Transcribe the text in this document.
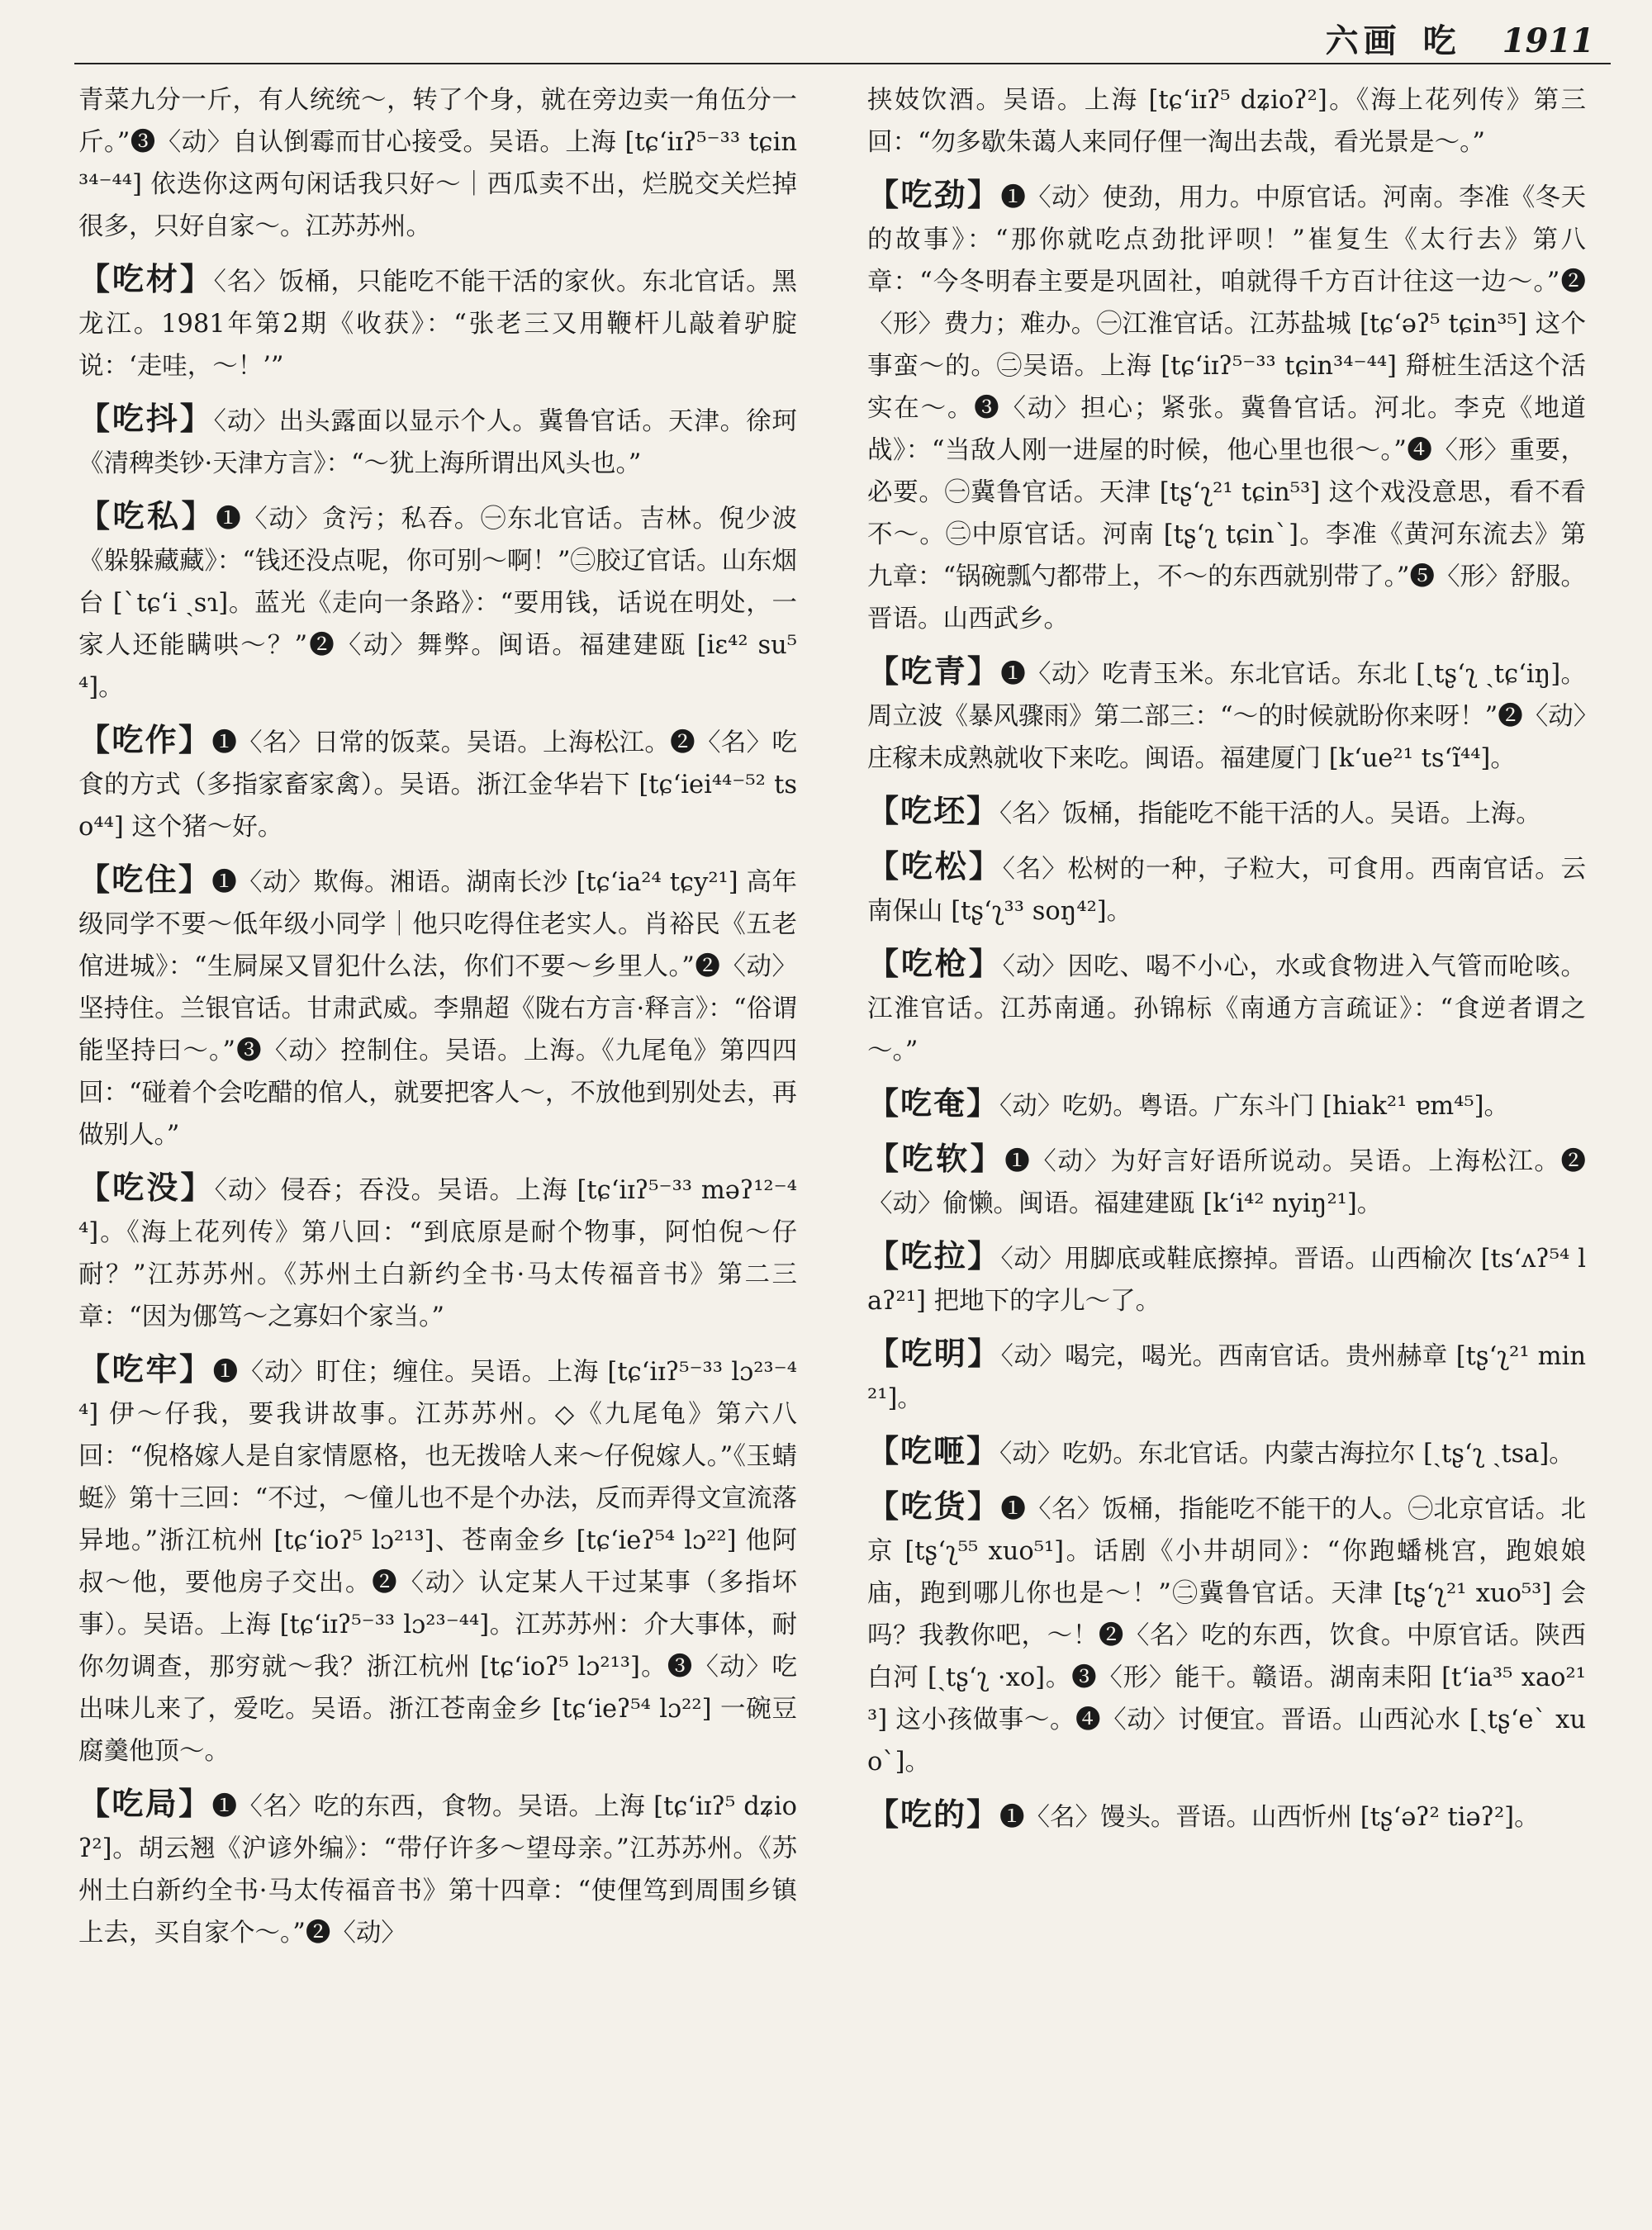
六画 吃 1911

青菜九分一斤，有人统统～，转了个身，就在旁边卖一角伍分一斤。”❸〈动〉自认倒霉而甘心接受。吴语。上海 [tɕʻiɪʔ⁵⁻³³ tɕin³⁴⁻⁴⁴] 依迭你这两句闲话我只好～｜西瓜卖不出，烂脱交关烂掉很多，只好自家～。江苏苏州。

【吃材】〈名〉饭桶，只能吃不能干活的家伙。东北官话。黑龙江。1981年第2期《收获》：“张老三又用鞭杆儿敲着驴腚说：‘走哇，～！’”

【吃抖】〈动〉出头露面以显示个人。冀鲁官话。天津。徐珂《清稗类钞·天津方言》：“～犹上海所谓出风头也。”

【吃私】❶〈动〉贪污；私吞。㊀东北官话。吉林。倪少波《躲躲藏藏》：“钱还没点呢，你可别～啊！”㊁胶辽官话。山东烟台 [ˋtɕʻi ˏsɿ]。蓝光《走向一条路》：“要用钱，话说在明处，一家人还能瞒哄～？”❷〈动〉舞弊。闽语。福建建瓯 [iɛ⁴² su⁵⁴]。

【吃作】❶〈名〉日常的饭菜。吴语。上海松江。❷〈名〉吃食的方式（多指家畜家禽）。吴语。浙江金华岩下 [tɕʻiei⁴⁴⁻⁵² tso⁴⁴] 这个猪～好。

【吃住】❶〈动〉欺侮。湘语。湖南长沙 [tɕʻia²⁴ tɕy²¹] 高年级同学不要～低年级小同学｜他只吃得住老实人。肖裕民《五老倌进城》：“生屙屎又冒犯什么法，你们不要～乡里人。”❷〈动〉坚持住。兰银官话。甘肃武威。李鼎超《陇右方言·释言》：“俗谓能坚持曰～。”❸〈动〉控制住。吴语。上海。《九尾龟》第四四回：“碰着个会吃醋的倌人，就要把客人～，不放他到别处去，再做别人。”

【吃没】〈动〉侵吞；吞没。吴语。上海 [tɕʻiɪʔ⁵⁻³³ məʔ¹²⁻⁴⁴]。《海上花列传》第八回：“到底原是耐个物事，阿怕倪～仔耐？”江苏苏州。《苏州土白新约全书·马太传福音书》第二三章：“因为㑚笃～之寡妇个家当。”

【吃牢】❶〈动〉盯住；缠住。吴语。上海 [tɕʻiɪʔ⁵⁻³³ lɔ²³⁻⁴⁴] 伊～仔我，要我讲故事。江苏苏州。◇《九尾龟》第六八回：“倪格嫁人是自家情愿格，也无拨啥人来～仔倪嫁人。”《玉蜻蜓》第十三回：“不过，～僮儿也不是个办法，反而弄得文宣流落异地。”浙江杭州 [tɕʻioʔ⁵ lɔ²¹³]、苍南金乡 [tɕʻieʔ⁵⁴ lɔ²²] 他阿叔～他，要他房子交出。❷〈动〉认定某人干过某事（多指坏事）。吴语。上海 [tɕʻiɪʔ⁵⁻³³ lɔ²³⁻⁴⁴]。江苏苏州：介大事体，耐你勿调查，那穷就～我？浙江杭州 [tɕʻioʔ⁵ lɔ²¹³]。❸〈动〉吃出味儿来了，爱吃。吴语。浙江苍南金乡 [tɕʻieʔ⁵⁴ lɔ²²] 一碗豆腐羹他顶～。

【吃局】❶〈名〉吃的东西，食物。吴语。上海 [tɕʻiɪʔ⁵ dʑioʔ²]。胡云翘《沪谚外编》：“带仔许多～望母亲。”江苏苏州。《苏州土白新约全书·马太传福音书》第十四章：“使俚笃到周围乡镇上去，买自家个～。”❷〈动〉

挟妓饮酒。吴语。上海 [tɕʻiɪʔ⁵ dʑioʔ²]。《海上花列传》第三回：“勿多歇朱蔼人来同仔俚一淘出去哉，看光景是～。”

【吃劲】❶〈动〉使劲，用力。中原官话。河南。李准《冬天的故事》：“那你就吃点劲批评呗！”崔复生《太行去》第八章：“今冬明春主要是巩固社，咱就得千方百计往这一边～。”❷〈形〉费力；难办。㊀江淮官话。江苏盐城 [tɕʻəʔ⁵ tɕin³⁵] 这个事蛮～的。㊁吴语。上海 [tɕʻiɪʔ⁵⁻³³ tɕin³⁴⁻⁴⁴] 搿桩生活这个活实在～。❸〈动〉担心；紧张。冀鲁官话。河北。李克《地道战》：“当敌人刚一进屋的时候，他心里也很～。”❹〈形〉重要，必要。㊀冀鲁官话。天津 [tʂʻʅ²¹ tɕin⁵³] 这个戏没意思，看不看不～。㊁中原官话。河南 [tʂʻʅ tɕinˋ]。李准《黄河东流去》第九章：“锅碗瓢勺都带上，不～的东西就别带了。”❺〈形〉舒服。晋语。山西武乡。

【吃青】❶〈动〉吃青玉米。东北官话。东北 [ˏtʂʻʅ ˏtɕʻiŋ]。周立波《暴风骤雨》第二部三：“～的时候就盼你来呀！”❷〈动〉庄稼未成熟就收下来吃。闽语。福建厦门 [kʻue²¹ tsʻĩ⁴⁴]。

【吃坯】〈名〉饭桶，指能吃不能干活的人。吴语。上海。

【吃松】〈名〉松树的一种，子粒大，可食用。西南官话。云南保山 [tʂʻʅ³³ soŋ⁴²]。

【吃枪】〈动〉因吃、喝不小心，水或食物进入气管而呛咳。江淮官话。江苏南通。孙锦标《南通方言疏证》：“食逆者谓之～。”

【吃奄】〈动〉吃奶。粤语。广东斗门 [hiak²¹ ɐm⁴⁵]。

【吃软】❶〈动〉为好言好语所说动。吴语。上海松江。❷〈动〉偷懒。闽语。福建建瓯 [kʻi⁴² nyiŋ²¹]。

【吃拉】〈动〉用脚底或鞋底擦掉。晋语。山西榆次 [tsʻʌʔ⁵⁴ laʔ²¹] 把地下的字儿～了。

【吃明】〈动〉喝完，喝光。西南官话。贵州赫章 [tʂʻʅ²¹ min²¹]。

【吃咂】〈动〉吃奶。东北官话。内蒙古海拉尔 [ˏtʂʻʅ ˏtsa]。

【吃货】❶〈名〉饭桶，指能吃不能干的人。㊀北京官话。北京 [tʂʻʅ⁵⁵ xuo⁵¹]。话剧《小井胡同》：“你跑蟠桃宫，跑娘娘庙，跑到哪儿你也是～！”㊁冀鲁官话。天津 [tʂʻʅ²¹ xuo⁵³] 会吗？我教你吧，～！❷〈名〉吃的东西，饮食。中原官话。陕西白河 [ˏtʂʻʅ ·xo]。❸〈形〉能干。赣语。湖南耒阳 [tʻia³⁵ xao²¹³] 这小孩做事～。❹〈动〉讨便宜。晋语。山西沁水 [ˏtʂʻeˋ xuoˋ]。

【吃的】❶〈名〉馒头。晋语。山西忻州 [tʂʻəʔ² tiəʔ²]。
